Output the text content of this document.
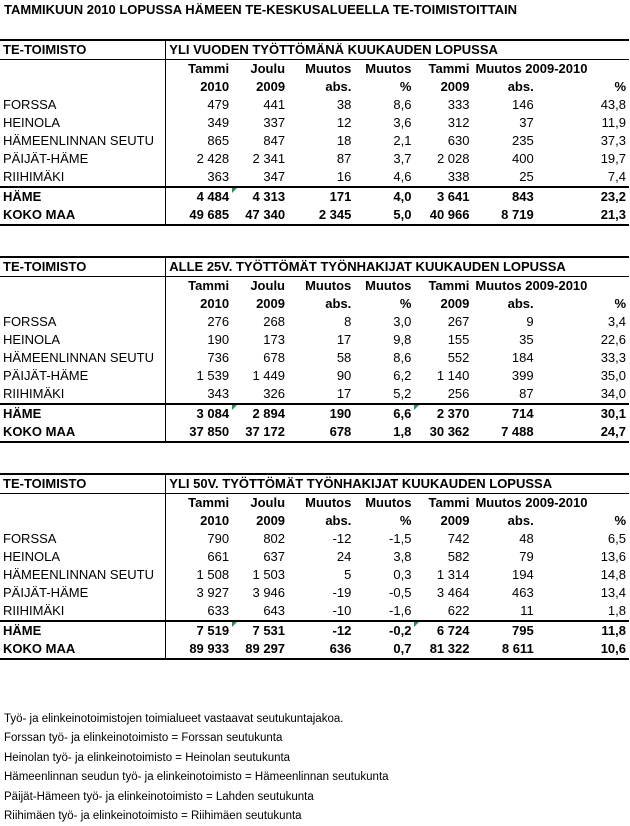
TAMMIKUUN 2010 LOPUSSA HÄMEEN TE-KESKUSALUEELLA TE-TOIMISTOITTAIN
TE-TOIMISTO	YLI VUODEN TYÖTTÖMÄNÄ KUUKAUDEN LOPUSSA						
	Tammi	Joulu	Muutos	Muutos	Tammi	Muutos 2009-2010	
	2010	2009	abs.	%	2009	abs.	%
FORSSA	479	441	38	8,6	333	146	43,8
HEINOLA	349	337	12	3,6	312	37	11,9
HÄMEENLINNAN SEUTU	865	847	18	2,1	630	235	37,3
PÄIJÄT-HÄME	2 428	2 341	87	3,7	2 028	400	19,7
RIIHIMÄKI	363	347	16	4,6	338	25	7,4
HÄME	4 484	4 313	171	4,0	3 641	843	23,2
KOKO MAA	49 685	47 340	2 345	5,0	40 966	8 719	21,3
TE-TOIMISTO	ALLE 25V. TYÖTTÖMÄT TYÖNHAKIJAT KUUKAUDEN LOPUSSA						
	Tammi	Joulu	Muutos	Muutos	Tammi	Muutos 2009-2010	
	2010	2009	abs.	%	2009	abs.	%
FORSSA	276	268	8	3,0	267	9	3,4
HEINOLA	190	173	17	9,8	155	35	22,6
HÄMEENLINNAN SEUTU	736	678	58	8,6	552	184	33,3
PÄIJÄT-HÄME	1 539	1 449	90	6,2	1 140	399	35,0
RIIHIMÄKI	343	326	17	5,2	256	87	34,0
HÄME	3 084	2 894	190	6,6	2 370	714	30,1
KOKO MAA	37 850	37 172	678	1,8	30 362	7 488	24,7
TE-TOIMISTO	YLI 50V. TYÖTTÖMÄT TYÖNHAKIJAT KUUKAUDEN LOPUSSA						
	Tammi	Joulu	Muutos	Muutos	Tammi	Muutos 2009-2010	
	2010	2009	abs.	%	2009	abs.	%
FORSSA	790	802	-12	-1,5	742	48	6,5
HEINOLA	661	637	24	3,8	582	79	13,6
HÄMEENLINNAN SEUTU	1 508	1 503	5	0,3	1 314	194	14,8
PÄIJÄT-HÄME	3 927	3 946	-19	-0,5	3 464	463	13,4
RIIHIMÄKI	633	643	-10	-1,6	622	11	1,8
HÄME	7 519	7 531	-12	-0,2	6 724	795	11,8
KOKO MAA	89 933	89 297	636	0,7	81 322	8 611	10,6
Työ- ja elinkeinotoimistojen toimialueet vastaavat seutukuntajakoa.
Forssan työ- ja elinkeinotoimisto = Forssan seutukunta
Heinolan työ- ja elinkeinotoimisto = Heinolan seutukunta
Hämeenlinnan seudun työ- ja elinkeinotoimisto = Hämeenlinnan seutukunta
Päijät-Hämeen työ- ja elinkeinotoimisto = Lahden seutukunta
Riihimäen työ- ja elinkeinotoimisto = Riihimäen seutukunta
